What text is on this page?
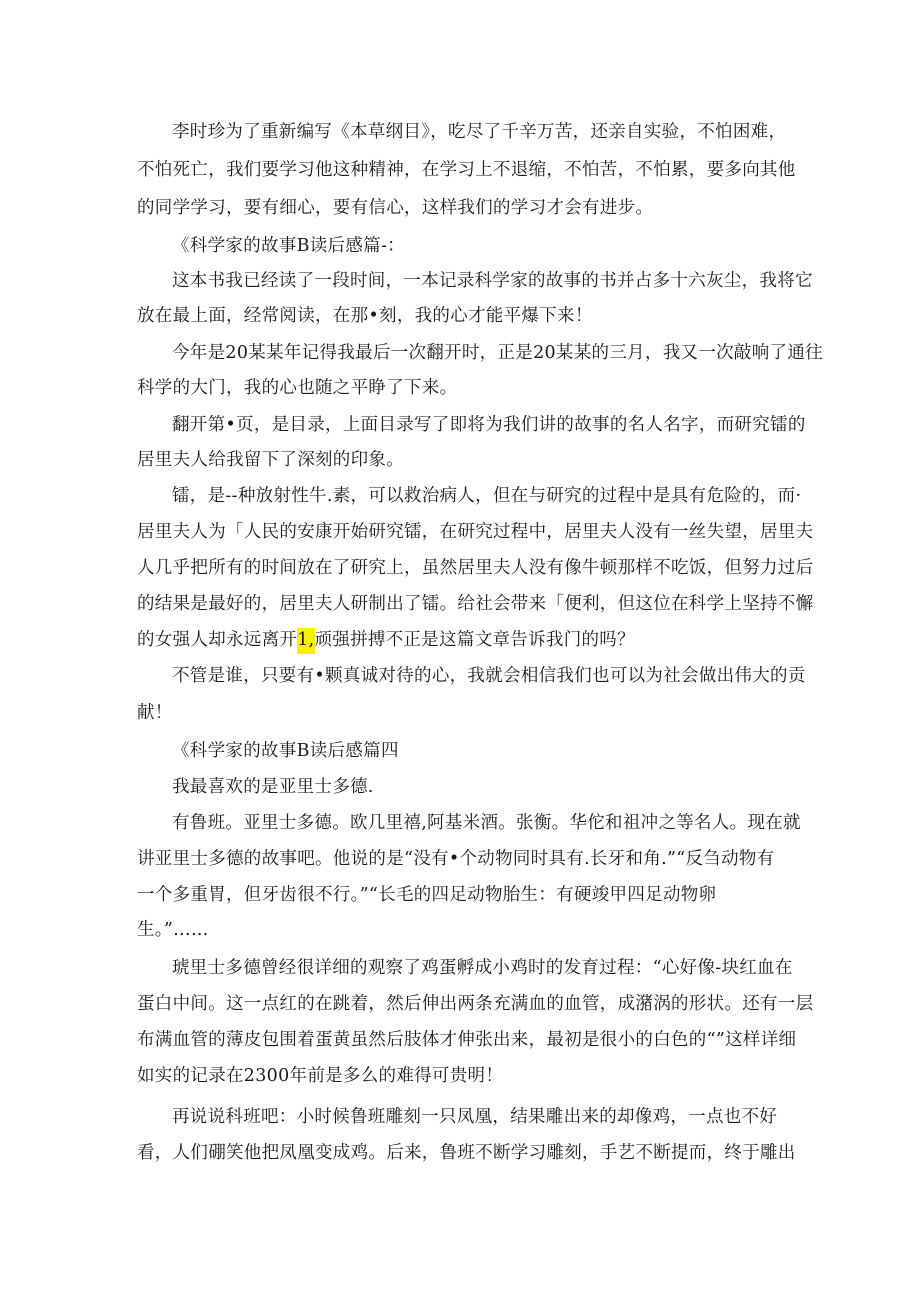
李时珍为了重新编写《本草纲目》，吃尽了千辛万苦，还亲自实验，不怕困难，
不怕死亡，我们要学习他这种精神，在学习上不退缩，不怕苦，不怕累，要多向其他
的同学学习，要有细心，要有信心，这样我们的学习才会有进步。
《科学家的故事B读后感篇-：
这本书我已经读了一段时间，一本记录科学家的故事的书并占多十六灰尘，我将它
放在最上面，经常阅读，在那•刻，我的心才能平爆下来！
今年是20某某年记得我最后一次翻开时，正是20某某的三月，我又一次敲响了通往
科学的大门，我的心也随之平睁了下来。
翻开第•页，是目录，上面目录写了即将为我们讲的故事的名人名字，而研究镭的
居里夫人给我留下了深刻的印象。
镭，是--种放射性牛.素，可以救治病人，但在与研究的过程中是具有危险的，而·
居里夫人为「人民的安康开始研究镭，在研究过程中，居里夫人没有一丝失望，居里夫
人几乎把所有的时间放在了研究上，虽然居里夫人没有像牛顿那样不吃饭，但努力过后
的结果是最好的，居里夫人研制出了镭。给社会带来「便利，但这位在科学上坚持不懈
的女强人却永远离开1,顽强拼搏不正是这篇文章告诉我门的吗？
不管是谁，只要有•颗真诚对待的心，我就会相信我们也可以为社会做出伟大的贡
献！
《科学家的故事B读后感篇四
我最喜欢的是亚里士多德.
有鲁班。亚里士多德。欧几里禧,阿基米酒。张衡。华佗和祖冲之等名人。现在就
讲亚里士多德的故事吧。他说的是“没有•个动物同时具有.长牙和角.”“反刍动物有
一个多重胃，但牙齿很不行。”“长毛的四足动物胎生：有硬竣甲四足动物卵
生。”……
琥里士多德曾经很详细的观察了鸡蛋孵成小鸡时的发育过程：“心好像-块红血在
蛋白中间。这一点红的在跳着，然后伸出两条充满血的血管，成潴涡的形状。还有一层
布满血管的薄皮包围着蛋黄虽然后肢体才伸张出来，最初是很小的白色的“”这样详细
如实的记录在2300年前是多么的难得可贵明！
再说说科班吧：小时候鲁班雕刻一只凤凰，结果雕出来的却像鸡，一点也不好
看，人们硼笑他把凤凰变成鸡。后来，鲁班不断学习雕刻，手艺不断提而，终于雕出
